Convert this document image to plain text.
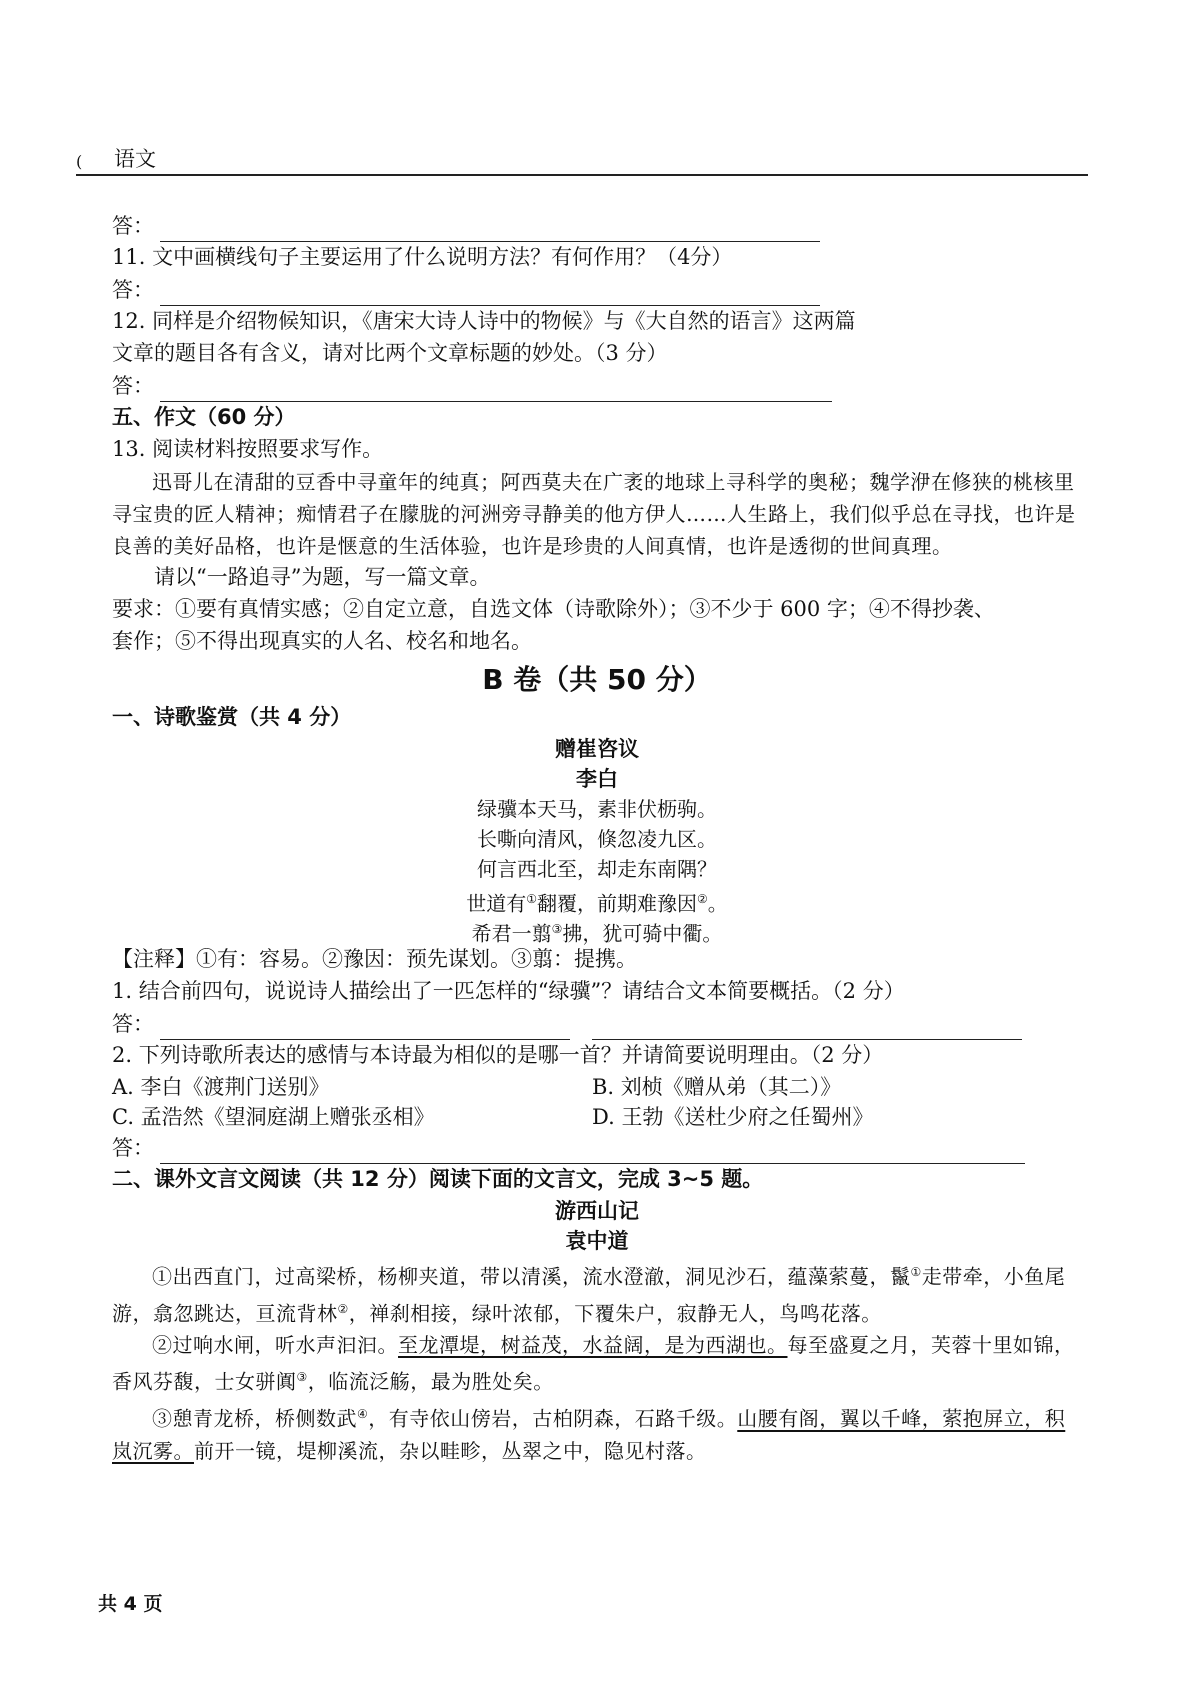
( 语文
答：
11. 文中画横线句子主要运用了什么说明方法？有何作用？（4分）
答：
12. 同样是介绍物候知识，《唐宋大诗人诗中的物候》与《大自然的语言》这两篇
文章的题目各有含义，请对比两个文章标题的妙处。（3 分）
答：
五、作文（60 分）
13. 阅读材料按照要求写作。

迅哥儿在清甜的豆香中寻童年的纯真；阿西莫夫在广袤的地球上寻科学的奥秘；魏学洢在修狭的桃核里寻宝贵的匠人精神；痴情君子在朦胧的河洲旁寻静美的他方伊人……人生路上，我们似乎总在寻找，也许是良善的美好品格，也许是惬意的生活体验，也许是珍贵的人间真情，也许是透彻的世间真理。

请以“一路追寻”为题，写一篇文章。
要求：①要有真情实感；②自定立意，自选文体（诗歌除外）；③不少于 600 字；④不得抄袭、
套作；⑤不得出现真实的人名、校名和地名。
B 卷（共 50 分）
一、诗歌鉴赏（共 4 分）
赠崔咨议
李白
绿骥本天马，素非伏枥驹。
长嘶向清风，倏忽凌九区。
何言西北至，却走东南隅？
世道有①翻覆，前期难豫因②。
希君一翦③拂，犹可骑中衢。
【注释】①有：容易。②豫因：预先谋划。③翦：提携。
1. 结合前四句，说说诗人描绘出了一匹怎样的“绿骥”？请结合文本简要概括。（2 分）
答：
2. 下列诗歌所表达的感情与本诗最为相似的是哪一首？并请简要说明理由。（2 分）
A. 李白《渡荆门送别》	B. 刘桢《赠从弟（其二）》
C. 孟浩然《望洞庭湖上赠张丞相》	D. 王勃《送杜少府之任蜀州》
答：
二、课外文言文阅读（共 12 分）阅读下面的文言文，完成 3~5 题。
游西山记
袁中道

①出西直门，过高梁桥，杨柳夹道，带以清溪，流水澄澈，洞见沙石，蕴藻萦蔓，鬣①走带牵，小鱼尾游，翕忽跳达，亘流背林②，禅刹相接，绿叶浓郁，下覆朱户，寂静无人，鸟鸣花落。

②过响水闸，听水声汩汩。至龙潭堤，树益茂，水益阔，是为西湖也。每至盛夏之月，芙蓉十里如锦，香风芬馥，士女骈阗③，临流泛觞，最为胜处矣。

③憩青龙桥，桥侧数武④，有寺依山傍岩，古柏阴森，石路千级。山腰有阁，翼以千峰，萦抱屏立，积岚沉雾。前开一镜，堤柳溪流，杂以畦畛，丛翠之中，隐见村落。

共 4 页
